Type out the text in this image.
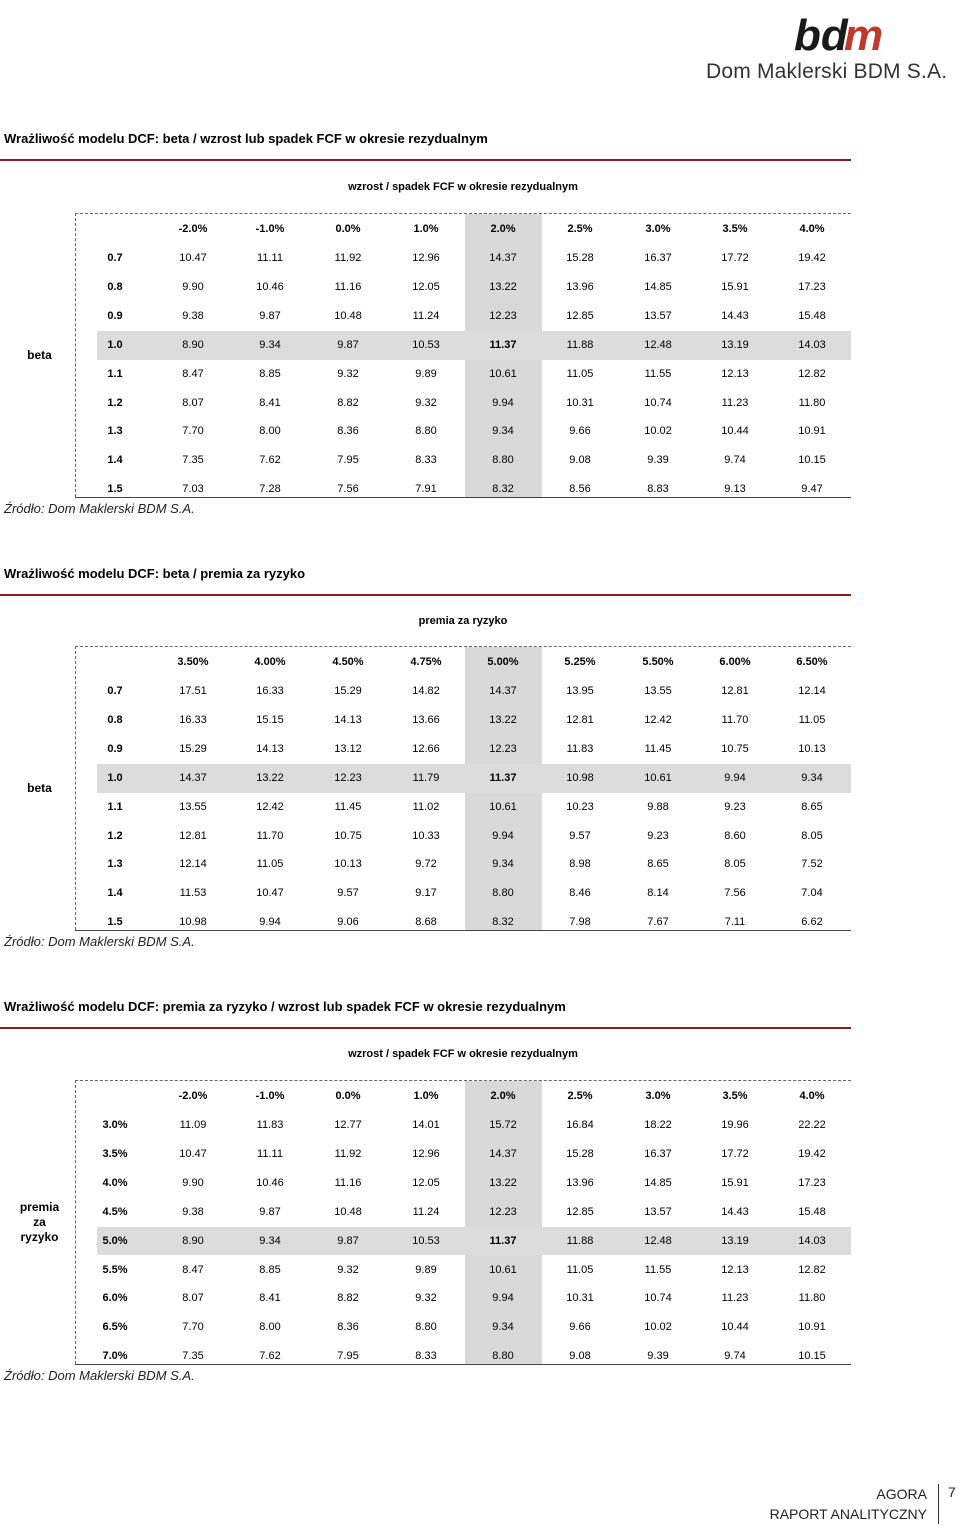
bd
m
Dom Maklerski BDM S.A.
Wrażliwość modelu DCF: beta / wzrost lub spadek FCF w okresie rezydualnym
wzrost / spadek FCF w okresie rezydualnym
-2.0%	-1.0%	0.0%	1.0%	2.0%	2.5%	3.0%	3.5%	4.0%
0.7	10.47	11.11	11.92	12.96	14.37	15.28	16.37	17.72	19.42
0.8	9.90	10.46	11.16	12.05	13.22	13.96	14.85	15.91	17.23
0.9	9.38	9.87	10.48	11.24	12.23	12.85	13.57	14.43	15.48
1.0	8.90	9.34	9.87	10.53	11.37	11.88	12.48	13.19	14.03
1.1	8.47	8.85	9.32	9.89	10.61	11.05	11.55	12.13	12.82
1.2	8.07	8.41	8.82	9.32	9.94	10.31	10.74	11.23	11.80
1.3	7.70	8.00	8.36	8.80	9.34	9.66	10.02	10.44	10.91
1.4	7.35	7.62	7.95	8.33	8.80	9.08	9.39	9.74	10.15
1.5	7.03	7.28	7.56	7.91	8.32	8.56	8.83	9.13	9.47
beta
Źródło: Dom Maklerski BDM S.A.
Wrażliwość modelu DCF: beta / premia za ryzyko
premia za ryzyko
3.50%	4.00%	4.50%	4.75%	5.00%	5.25%	5.50%	6.00%	6.50%
0.7	17.51	16.33	15.29	14.82	14.37	13.95	13.55	12.81	12.14
0.8	16.33	15.15	14.13	13.66	13.22	12.81	12.42	11.70	11.05
0.9	15.29	14.13	13.12	12.66	12.23	11.83	11.45	10.75	10.13
1.0	14.37	13.22	12.23	11.79	11.37	10.98	10.61	9.94	9.34
1.1	13.55	12.42	11.45	11.02	10.61	10.23	9.88	9.23	8.65
1.2	12.81	11.70	10.75	10.33	9.94	9.57	9.23	8.60	8.05
1.3	12.14	11.05	10.13	9.72	9.34	8.98	8.65	8.05	7.52
1.4	11.53	10.47	9.57	9.17	8.80	8.46	8.14	7.56	7.04
1.5	10.98	9.94	9.06	8.68	8.32	7.98	7.67	7.11	6.62
beta
Źródło: Dom Maklerski BDM S.A.
Wrażliwość modelu DCF: premia za ryzyko / wzrost lub spadek FCF w okresie rezydualnym
wzrost / spadek FCF w okresie rezydualnym
-2.0%	-1.0%	0.0%	1.0%	2.0%	2.5%	3.0%	3.5%	4.0%
3.0%	11.09	11.83	12.77	14.01	15.72	16.84	18.22	19.96	22.22
3.5%	10.47	11.11	11.92	12.96	14.37	15.28	16.37	17.72	19.42
4.0%	9.90	10.46	11.16	12.05	13.22	13.96	14.85	15.91	17.23
4.5%	9.38	9.87	10.48	11.24	12.23	12.85	13.57	14.43	15.48
5.0%	8.90	9.34	9.87	10.53	11.37	11.88	12.48	13.19	14.03
5.5%	8.47	8.85	9.32	9.89	10.61	11.05	11.55	12.13	12.82
6.0%	8.07	8.41	8.82	9.32	9.94	10.31	10.74	11.23	11.80
6.5%	7.70	8.00	8.36	8.80	9.34	9.66	10.02	10.44	10.91
7.0%	7.35	7.62	7.95	8.33	8.80	9.08	9.39	9.74	10.15
premia
za
ryzyko
Źródło: Dom Maklerski BDM S.A.
AGORA
RAPORT ANALITYCZNY
7
